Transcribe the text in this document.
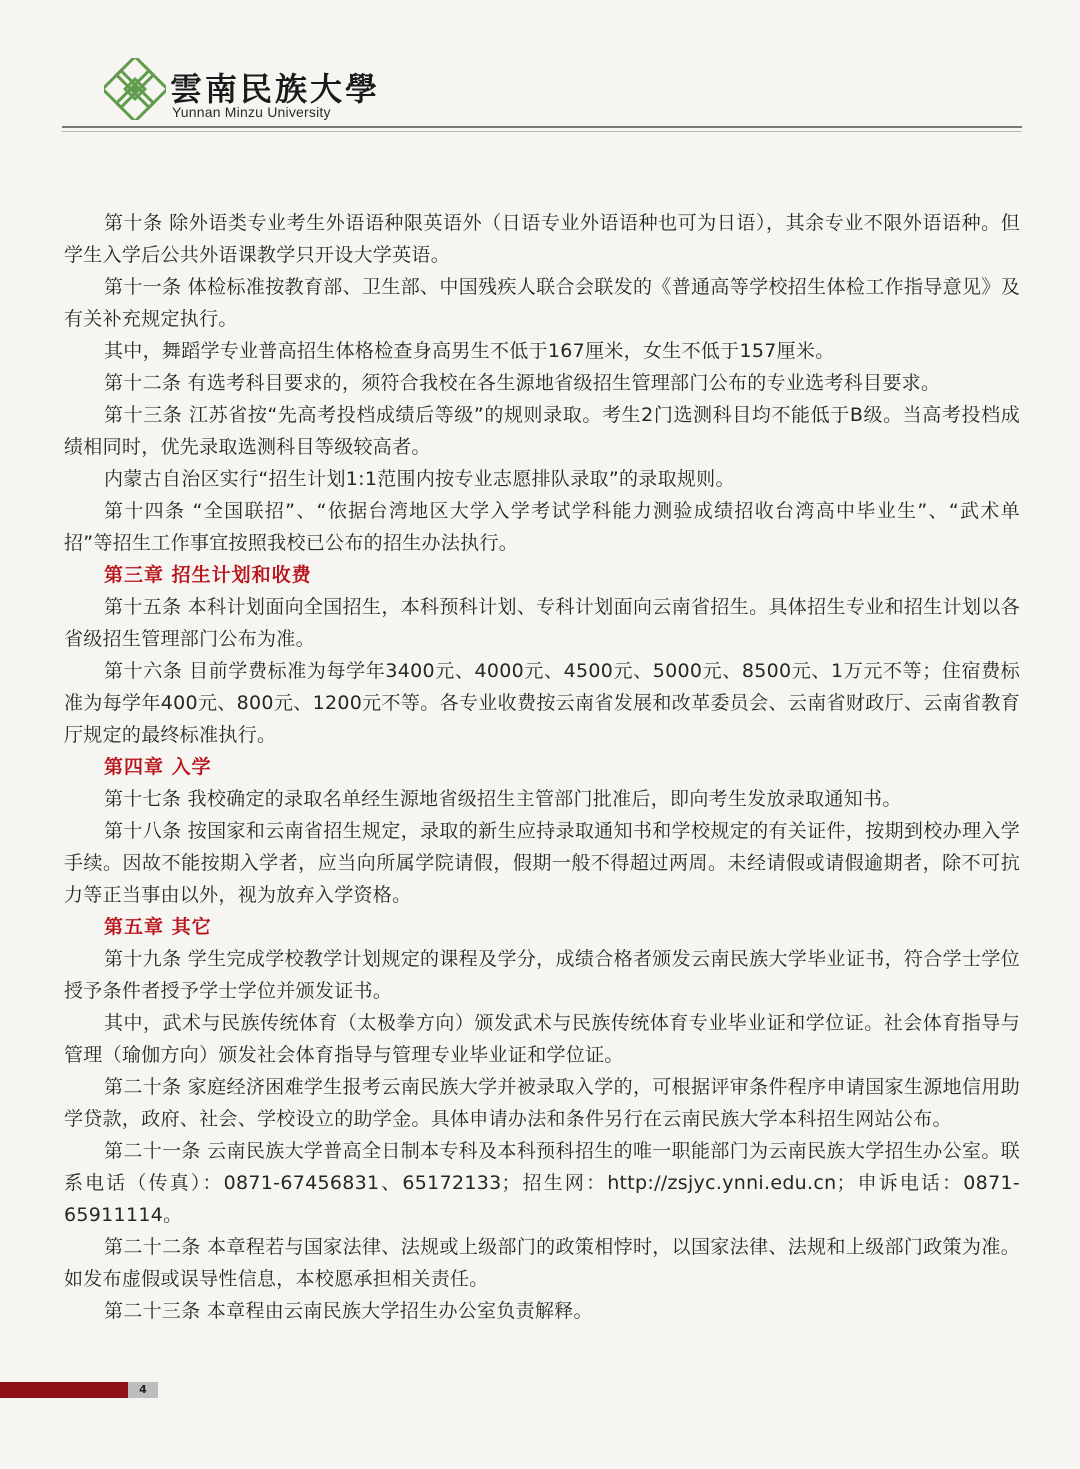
雲南民族大學
Yunnan Minzu University

第十条 除外语类专业考生外语语种限英语外（日语专业外语语种也可为日语），其余专业不限外语语种。但学生入学后公共外语课教学只开设大学英语。

第十一条 体检标准按教育部、卫生部、中国残疾人联合会联发的《普通高等学校招生体检工作指导意见》及有关补充规定执行。

其中，舞蹈学专业普高招生体格检查身高男生不低于167厘米，女生不低于157厘米。

第十二条 有选考科目要求的，须符合我校在各生源地省级招生管理部门公布的专业选考科目要求。

第十三条 江苏省按“先高考投档成绩后等级”的规则录取。考生2门选测科目均不能低于B级。当高考投档成绩相同时，优先录取选测科目等级较高者。

内蒙古自治区实行“招生计划1:1范围内按专业志愿排队录取”的录取规则。

第十四条 “全国联招”、“依据台湾地区大学入学考试学科能力测验成绩招收台湾高中毕业生”、“武术单招”等招生工作事宜按照我校已公布的招生办法执行。

第三章 招生计划和收费

第十五条 本科计划面向全国招生，本科预科计划、专科计划面向云南省招生。具体招生专业和招生计划以各省级招生管理部门公布为准。

第十六条 目前学费标准为每学年3400元、4000元、4500元、5000元、8500元、1万元不等；住宿费标准为每学年400元、800元、1200元不等。各专业收费按云南省发展和改革委员会、云南省财政厅、云南省教育厅规定的最终标准执行。

第四章 入学

第十七条 我校确定的录取名单经生源地省级招生主管部门批准后，即向考生发放录取通知书。

第十八条 按国家和云南省招生规定，录取的新生应持录取通知书和学校规定的有关证件，按期到校办理入学手续。因故不能按期入学者，应当向所属学院请假，假期一般不得超过两周。未经请假或请假逾期者，除不可抗力等正当事由以外，视为放弃入学资格。

第五章 其它

第十九条 学生完成学校教学计划规定的课程及学分，成绩合格者颁发云南民族大学毕业证书，符合学士学位授予条件者授予学士学位并颁发证书。

其中，武术与民族传统体育（太极拳方向）颁发武术与民族传统体育专业毕业证和学位证。社会体育指导与管理（瑜伽方向）颁发社会体育指导与管理专业毕业证和学位证。

第二十条 家庭经济困难学生报考云南民族大学并被录取入学的，可根据评审条件程序申请国家生源地信用助学贷款，政府、社会、学校设立的助学金。具体申请办法和条件另行在云南民族大学本科招生网站公布。

第二十一条 云南民族大学普高全日制本专科及本科预科招生的唯一职能部门为云南民族大学招生办公室。联系电话（传真）：0871-67456831、65172133；招生网：http://zsjyc.ynni.edu.cn；申诉电话：0871-65911114。

第二十二条 本章程若与国家法律、法规或上级部门的政策相悖时，以国家法律、法规和上级部门政策为准。如发布虚假或误导性信息，本校愿承担相关责任。

第二十三条 本章程由云南民族大学招生办公室负责解释。

4
